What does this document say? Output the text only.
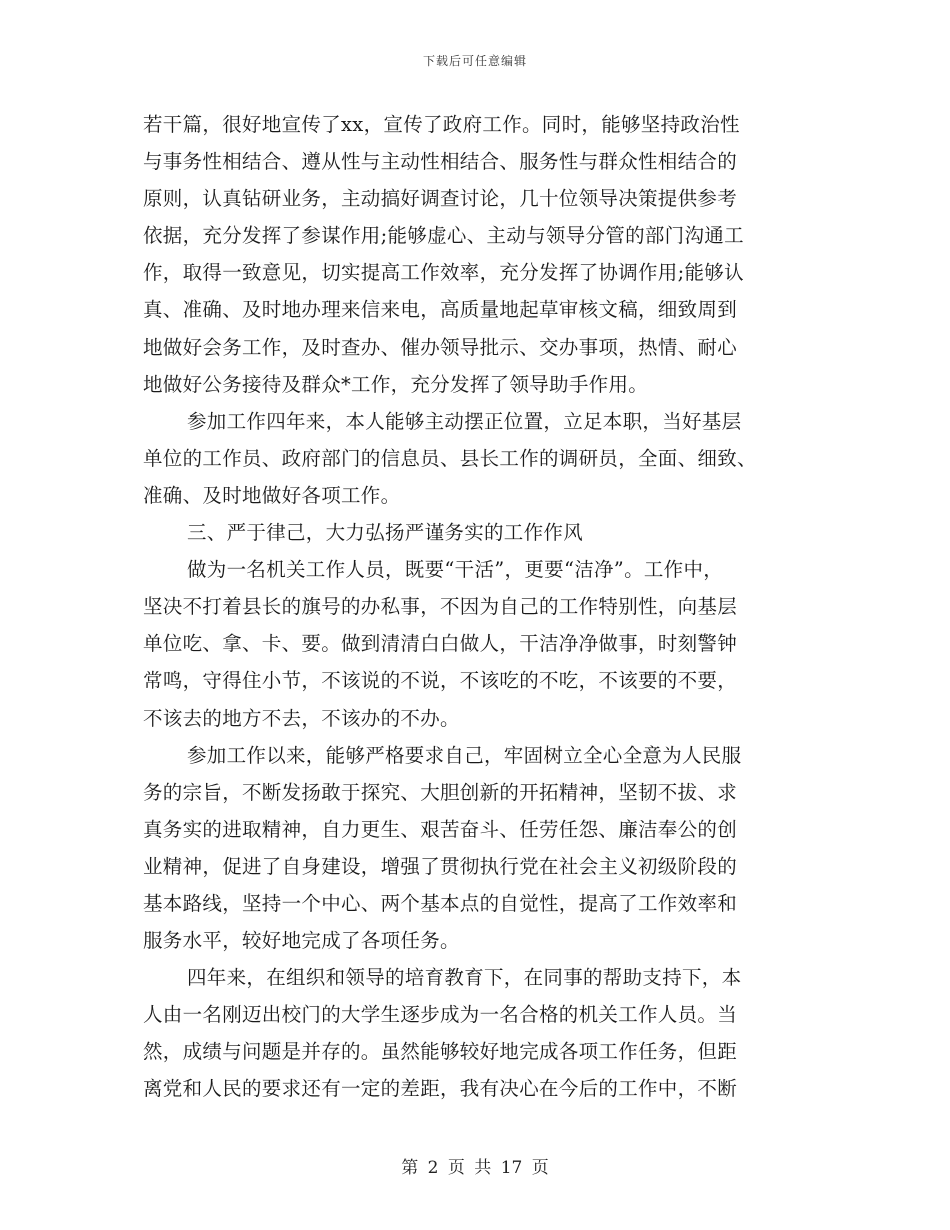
下载后可任意编辑
若干篇，很好地宣传了xx，宣传了政府工作。同时，能够坚持政治性
与事务性相结合、遵从性与主动性相结合、服务性与群众性相结合的
原则，认真钻研业务，主动搞好调查讨论，几十位领导决策提供参考
依据，充分发挥了参谋作用;能够虚心、主动与领导分管的部门沟通工
作，取得一致意见，切实提高工作效率，充分发挥了协调作用;能够认
真、准确、及时地办理来信来电，高质量地起草审核文稿，细致周到
地做好会务工作，及时查办、催办领导批示、交办事项，热情、耐心
地做好公务接待及群众*工作，充分发挥了领导助手作用。
参加工作四年来，本人能够主动摆正位置，立足本职，当好基层
单位的工作员、政府部门的信息员、县长工作的调研员，全面、细致、
准确、及时地做好各项工作。
三、严于律己，大力弘扬严谨务实的工作作风
做为一名机关工作人员，既要“干活”，更要“洁净”。工作中，
坚决不打着县长的旗号的办私事，不因为自己的工作特别性，向基层
单位吃、拿、卡、要。做到清清白白做人，干洁净净做事，时刻警钟
常鸣，守得住小节，不该说的不说，不该吃的不吃，不该要的不要，
不该去的地方不去，不该办的不办。
参加工作以来，能够严格要求自己，牢固树立全心全意为人民服
务的宗旨，不断发扬敢于探究、大胆创新的开拓精神，坚韧不拔、求
真务实的进取精神，自力更生、艰苦奋斗、任劳任怨、廉洁奉公的创
业精神，促进了自身建设，增强了贯彻执行党在社会主义初级阶段的
基本路线，坚持一个中心、两个基本点的自觉性，提高了工作效率和
服务水平，较好地完成了各项任务。
四年来，在组织和领导的培育教育下，在同事的帮助支持下，本
人由一名刚迈出校门的大学生逐步成为一名合格的机关工作人员。当
然，成绩与问题是并存的。虽然能够较好地完成各项工作任务，但距
离党和人民的要求还有一定的差距，我有决心在今后的工作中，不断
第 2 页 共 17 页
